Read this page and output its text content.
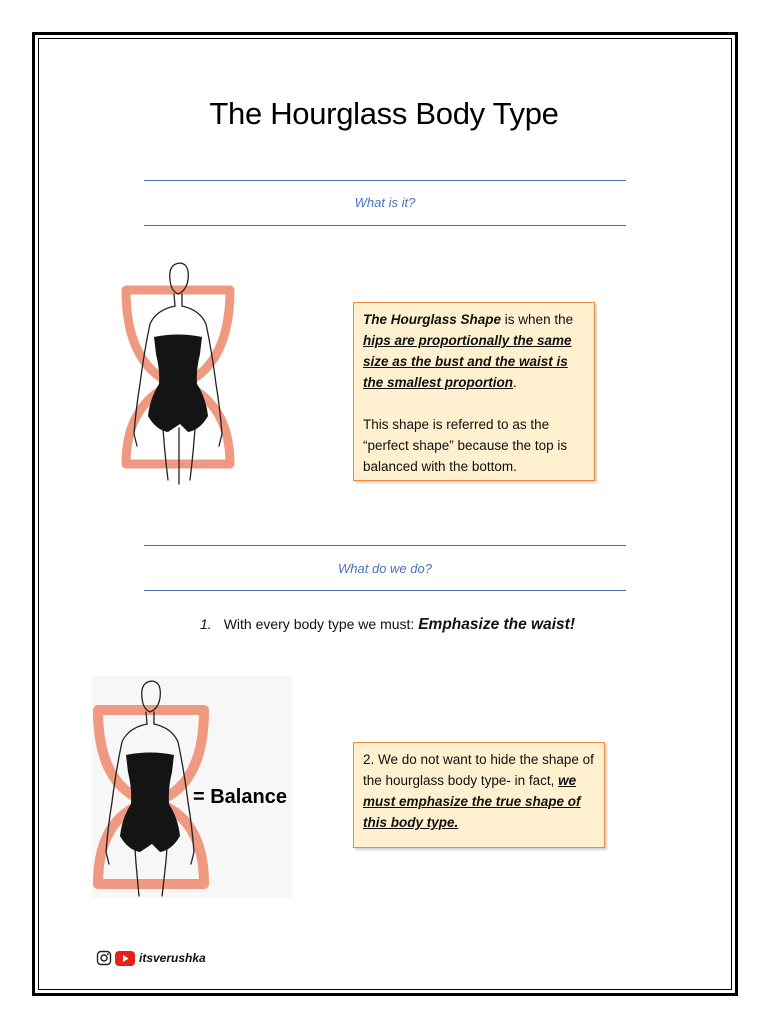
The Hourglass Body Type
What is it?

The Hourglass Shape is when the hips are proportionally the same size as the bust and the waist is the smallest proportion.

This shape is referred to as the “perfect shape” because the top is balanced with the bottom.

What do we do?
1. With every body type we must: Emphasize the waist!
= Balance

2. We do not want to hide the shape of the hourglass body type- in fact, we must emphasize the true shape of this body type.

itsverushka
